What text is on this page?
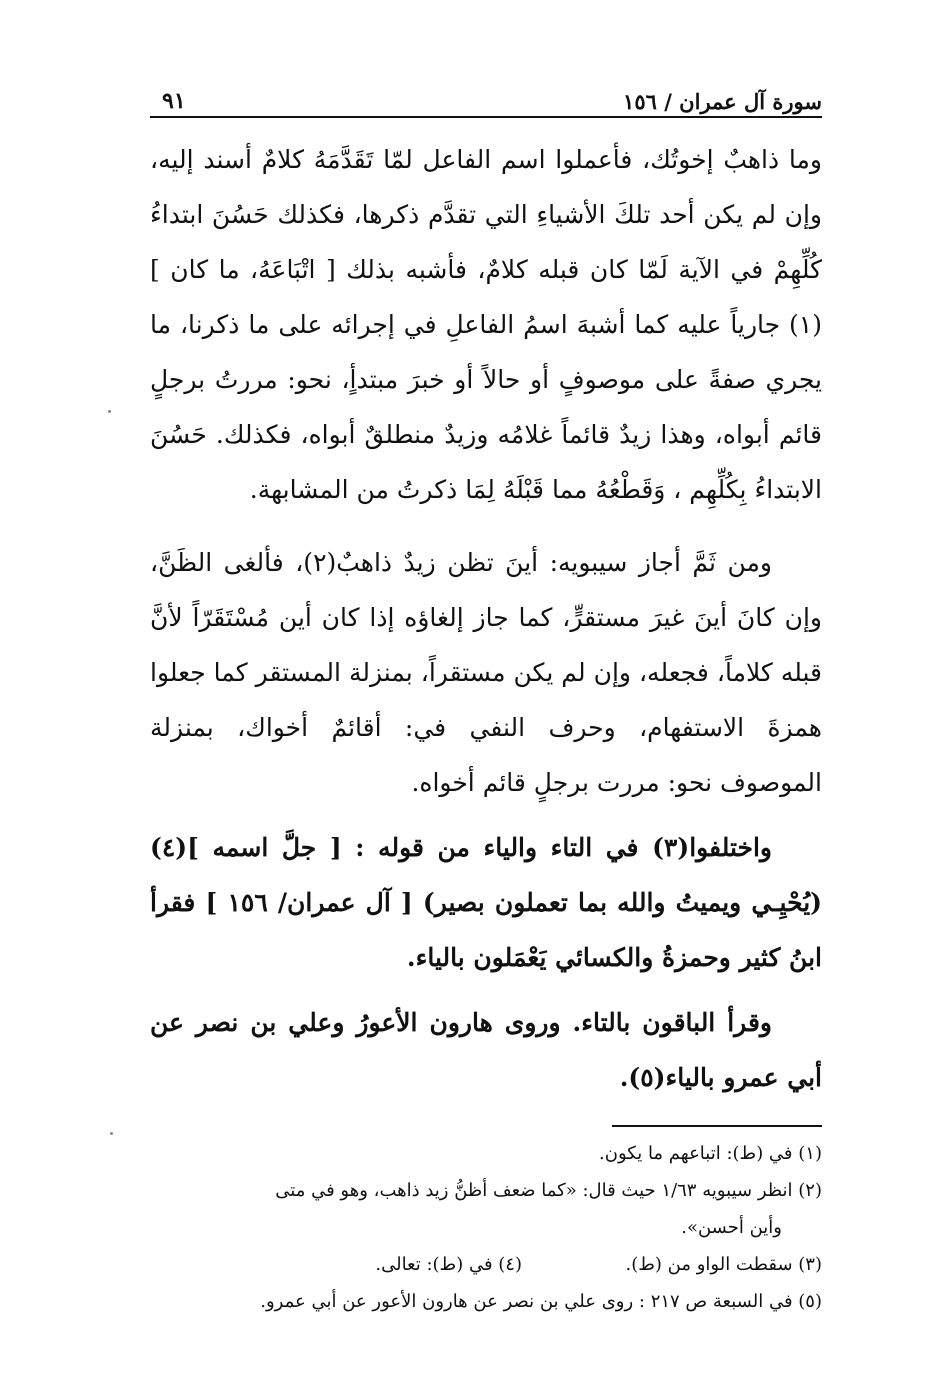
سورة آل عمران / ١٥٦
٩١

وما ذاهبٌ إخوتُك، فأعملوا اسم الفاعل لمّا تَقَدَّمَهُ كلامٌ أسند إليه، وإن لم يكن أحد تلكَ الأشياءِ التي تقدَّم ذكرها، فكذلك حَسُنَ ابتداءُ كُلِّهِمْ في الآية لَمّا كان قبله كلامٌ، فأشبه بذلك [ اتْبَاعَهُ، ما كان ](١) جارياً عليه كما أشبهَ اسمُ الفاعلِ في إجرائه على ما ذكرنا، ما يجري صفةً على موصوفٍ أو حالاً أو خبرَ مبتدأٍ، نحو: مررتُ برجلٍ قائم أبواه، وهذا زيدٌ قائماً غلامُه وزيدٌ منطلقٌ أبواه، فكذلك. حَسُنَ الابتداءُ بِكُلِّهِم ، وَقَطْعُهُ مما قَبْلَهُ لِمَا ذكرتُ من المشابهة.

ومن ثَمَّ أجاز سيبويه: أينَ تظن زيدٌ ذاهبٌ(٢)، فألغى الظَنَّ، وإن كانَ أينَ غيرَ مستقرٍّ، كما جاز إلغاؤه إذا كان أين مُسْتَقَرّاً لأنَّ قبله كلاماً، فجعله، وإن لم يكن مستقراً، بمنزلة المستقر كما جعلوا همزةَ الاستفهام، وحرف النفي في: أقائمٌ أخواك، بمنزلة الموصوف نحو: مررت برجلٍ قائم أخواه.

واختلفوا(٣) في التاء والياء من قوله : [ جلَّ اسمه ](٤) (يُحْيِـي ويميتُ والله بما تعملون بصير) [ آل عمران/ ١٥٦ ] فقرأ ابنُ كثير وحمزةُ والكسائي يَعْمَلون بالياء.

وقرأ الباقون بالتاء. وروى هارون الأعورُ وعلي بن نصر عن أبي عمرو بالياء(٥).

(١) في (ط): اتباعهم ما يكون.

(٢) انظر سيبويه ١/٦٣ حيث قال: «كما ضعف أظنُّ زيد ذاهب، وهو في متى
وأين أحسن».

(٣) سقطت الواو من (ط).
(٤) في (ط): تعالى.

(٥) في السبعة ص ٢١٧ : روى علي بن نصر عن هارون الأعور عن أبي عمرو.
